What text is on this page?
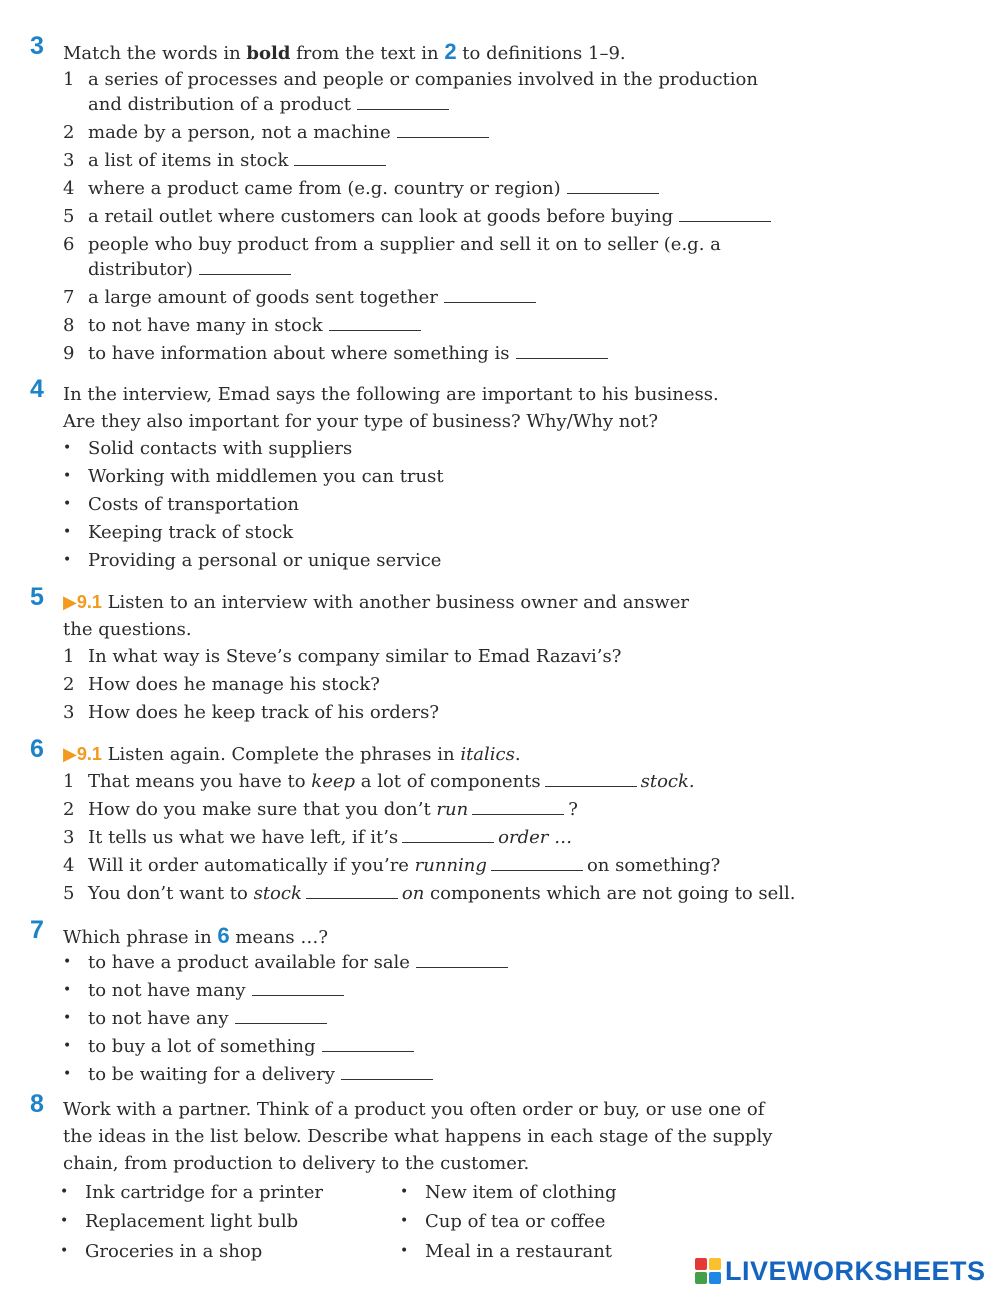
3 Match the words in bold from the text in 2 to definitions 1–9.
1 a series of processes and people or companies involved in the production
and distribution of a product
2 made by a person, not a machine
3 a list of items in stock
4 where a product came from (e.g. country or region)
5 a retail outlet where customers can look at goods before buying
6 people who buy product from a supplier and sell it on to seller (e.g. a
distributor)
7 a large amount of goods sent together
8 to not have many in stock
9 to have information about where something is
4 In the interview, Emad says the following are important to his business.
Are they also important for your type of business? Why/Why not?
• Solid contacts with suppliers
• Working with middlemen you can trust
• Costs of transportation
• Keeping track of stock
• Providing a personal or unique service
5 ▶9.1 Listen to an interview with another business owner and answer
the questions.
1 In what way is Steve’s company similar to Emad Razavi’s?
2 How does he manage his stock?
3 How does he keep track of his orders?
6 ▶9.1 Listen again. Complete the phrases in italics.
1 That means you have to keep a lot of components	stock.
2 How do you make sure that you don’t run	?
3 It tells us what we have left, if it’s	order …
4 Will it order automatically if you’re running	on something?
5 You don’t want to stock	on components which are not going to sell.
7 Which phrase in 6 means …?
• to have a product available for sale
• to not have many
• to not have any
• to buy a lot of something
• to be waiting for a delivery
8 Work with a partner. Think of a product you often order or buy, or use one of
the ideas in the list below. Describe what happens in each stage of the supply
chain, from production to delivery to the customer.
• Ink cartridge for a printer
• Replacement light bulb
• Groceries in a shop
• New item of clothing
• Cup of tea or coffee
• Meal in a restaurant
LIVEWORKSHEETS
